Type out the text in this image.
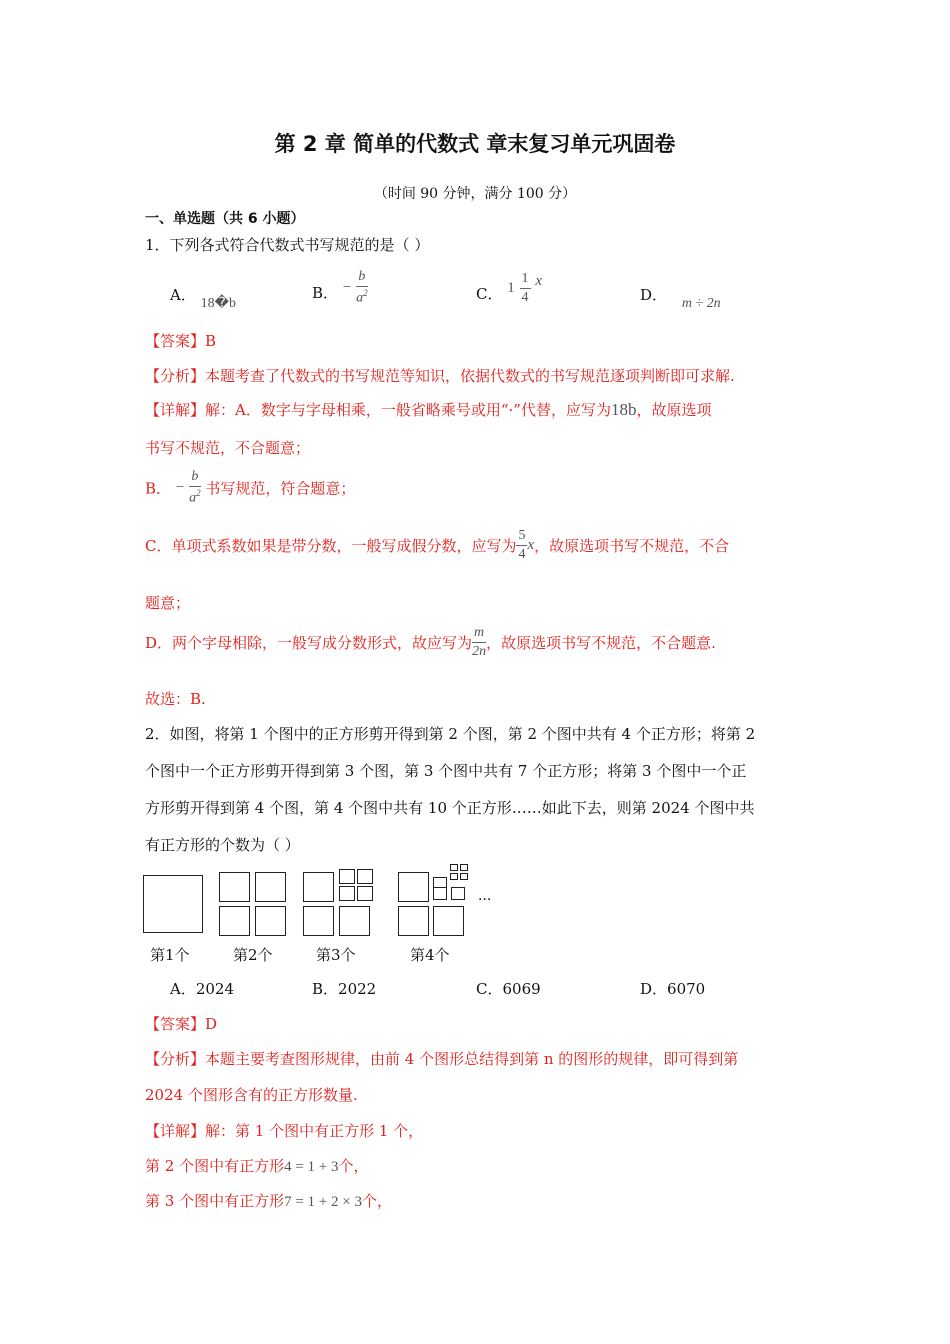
第 2 章 简单的代数式 章末复习单元巩固卷
（时间 90 分钟，满分 100 分）
一、单选题（共 6 小题）
1．下列各式符合代数式书写规范的是（ ）
A． 18�b
B． − $\frac{b}{a^2}$	C． $1 \frac{1}{4}$ x
D． m ÷ 2n
【答案】B
【分析】本题考查了代数式的书写规范等知识，依据代数式的书写规范逐项判断即可求解.
【详解】解：A．数字与字母相乘，一般省略乘号或用“·”代替，应写为18b，故原选项
书写不规范，不合题意；
B． − $\frac{b}{a^2}$ 书写规范，符合题意；
C．单项式系数如果是带分数，一般写成假分数，应写为 $\frac{5}{4}$ x，故原选项书写不规范，不合
题意；
D．两个字母相除，一般写成分数形式，故应写为 $\frac{m}{2n}$ ，故原选项书写不规范，不合题意.
故选：B.
2．如图，将第 1 个图中的正方形剪开得到第 2 个图，第 2 个图中共有 4 个正方形；将第 2
个图中一个正方形剪开得到第 3 个图，第 3 个图中共有 7 个正方形；将第 3 个图中一个正
方形剪开得到第 4 个图，第 4 个图中共有 10 个正方形……如此下去，则第 2024 个图中共
有正方形的个数为（ ）
···
第1个	第2个	第3个	第4个
A．2024	B．2022	C．6069	D．6070
【答案】D
【分析】本题主要考查图形规律，由前 4 个图形总结得到第 n 的图形的规律，即可得到第
2024 个图形含有的正方形数量.
【详解】解：第 1 个图中有正方形 1 个，
第 2 个图中有正方形4 = 1 + 3个，
第 3 个图中有正方形7 = 1 + 2 × 3个，
